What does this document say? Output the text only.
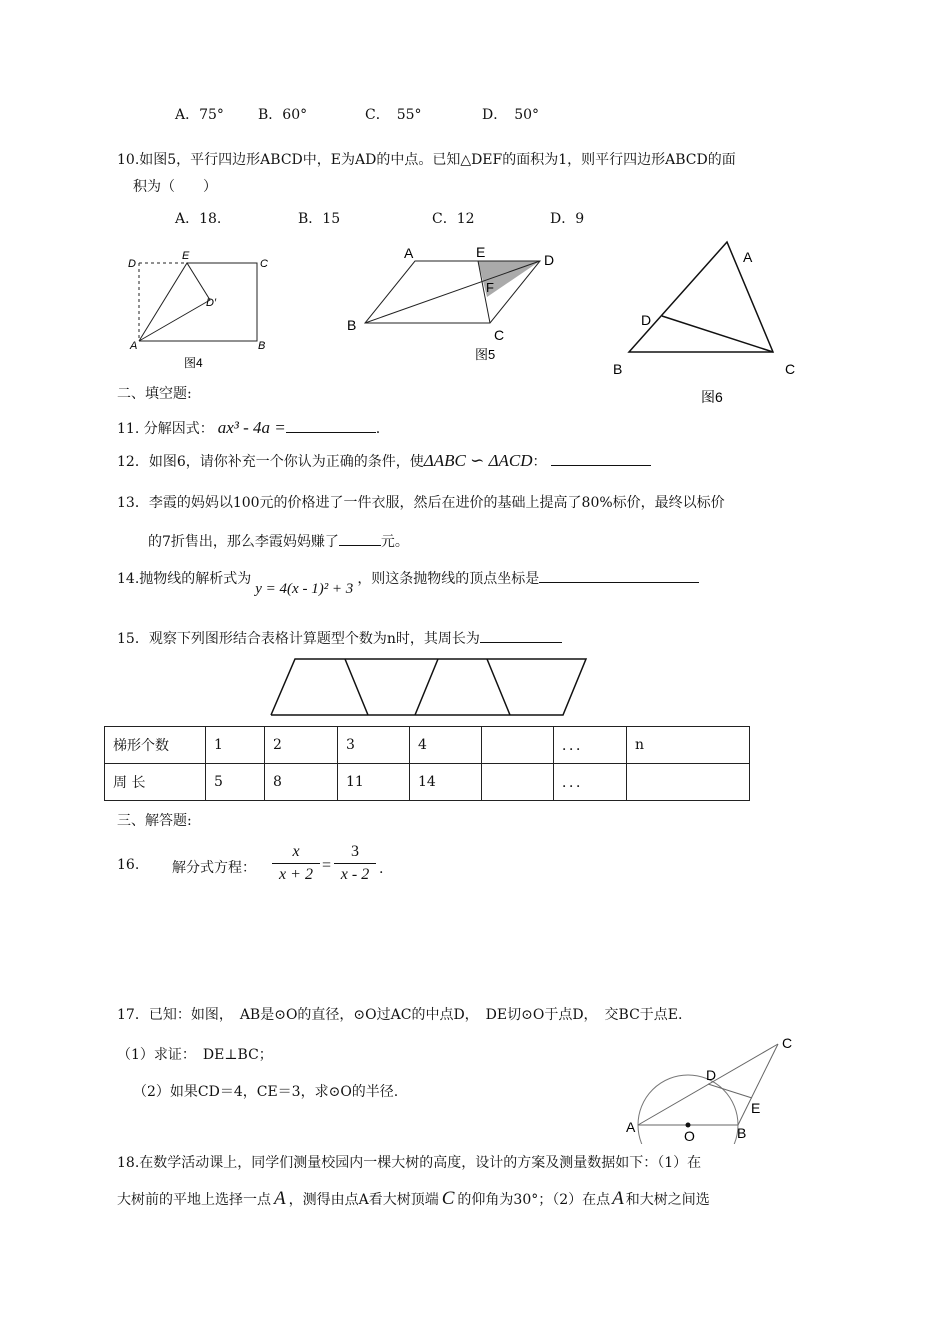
A．75° B．60°	C．　55°	D．　50°
10.如图5，平行四边形ABCD中，E为AD的中点。已知△DEF的面积为1，则平行四边形ABCD的面
积为（　　）
A．18.	B．15	C．12	D．9
D
E
C
D′
A	B
图4
A	E	D
F
B
C
图5
A
D
B	C
图6
二、填空题:
11. 分解因式： ax³ - 4a =	.
12．如图6，请你补充一个你认为正确的条件，使ΔABC ∽ ΔACD：
13．李霞的妈妈以100元的价格进了一件衣服，然后在进价的基础上提高了80%标价，最终以标价
的7折售出，那么李霞妈妈赚了	元。
14.抛物线的解析式为y = 4(x - 1)² + 3，则这条抛物线的顶点坐标是
15．观察下列图形结合表格计算题型个数为n时，其周长为
梯形个数	1	2	3	4		．．．	n
周 长	5	8	11	14		．．．	
三、解答题:
16. 解分式方程： $\frac{x}{x + 2} = \frac{3}{x - 2}$ .
17．已知：如图，　AB是⊙O的直径，⊙O过AC的中点D，　DE切⊙O于点D，　交BC于点E.
（1）求证：　DE⊥BC；
（2）如果CD＝4，CE＝3，求⊙O的半径.
C
D
E
A
O	B
18.在数学活动课上，同学们测量校园内一棵大树的高度，设计的方案及测量数据如下：（1）在
大树前的平地上选择一点 A ，测得由点A看大树顶端 C 的仰角为30°；（2）在点 A 和大树之间选
